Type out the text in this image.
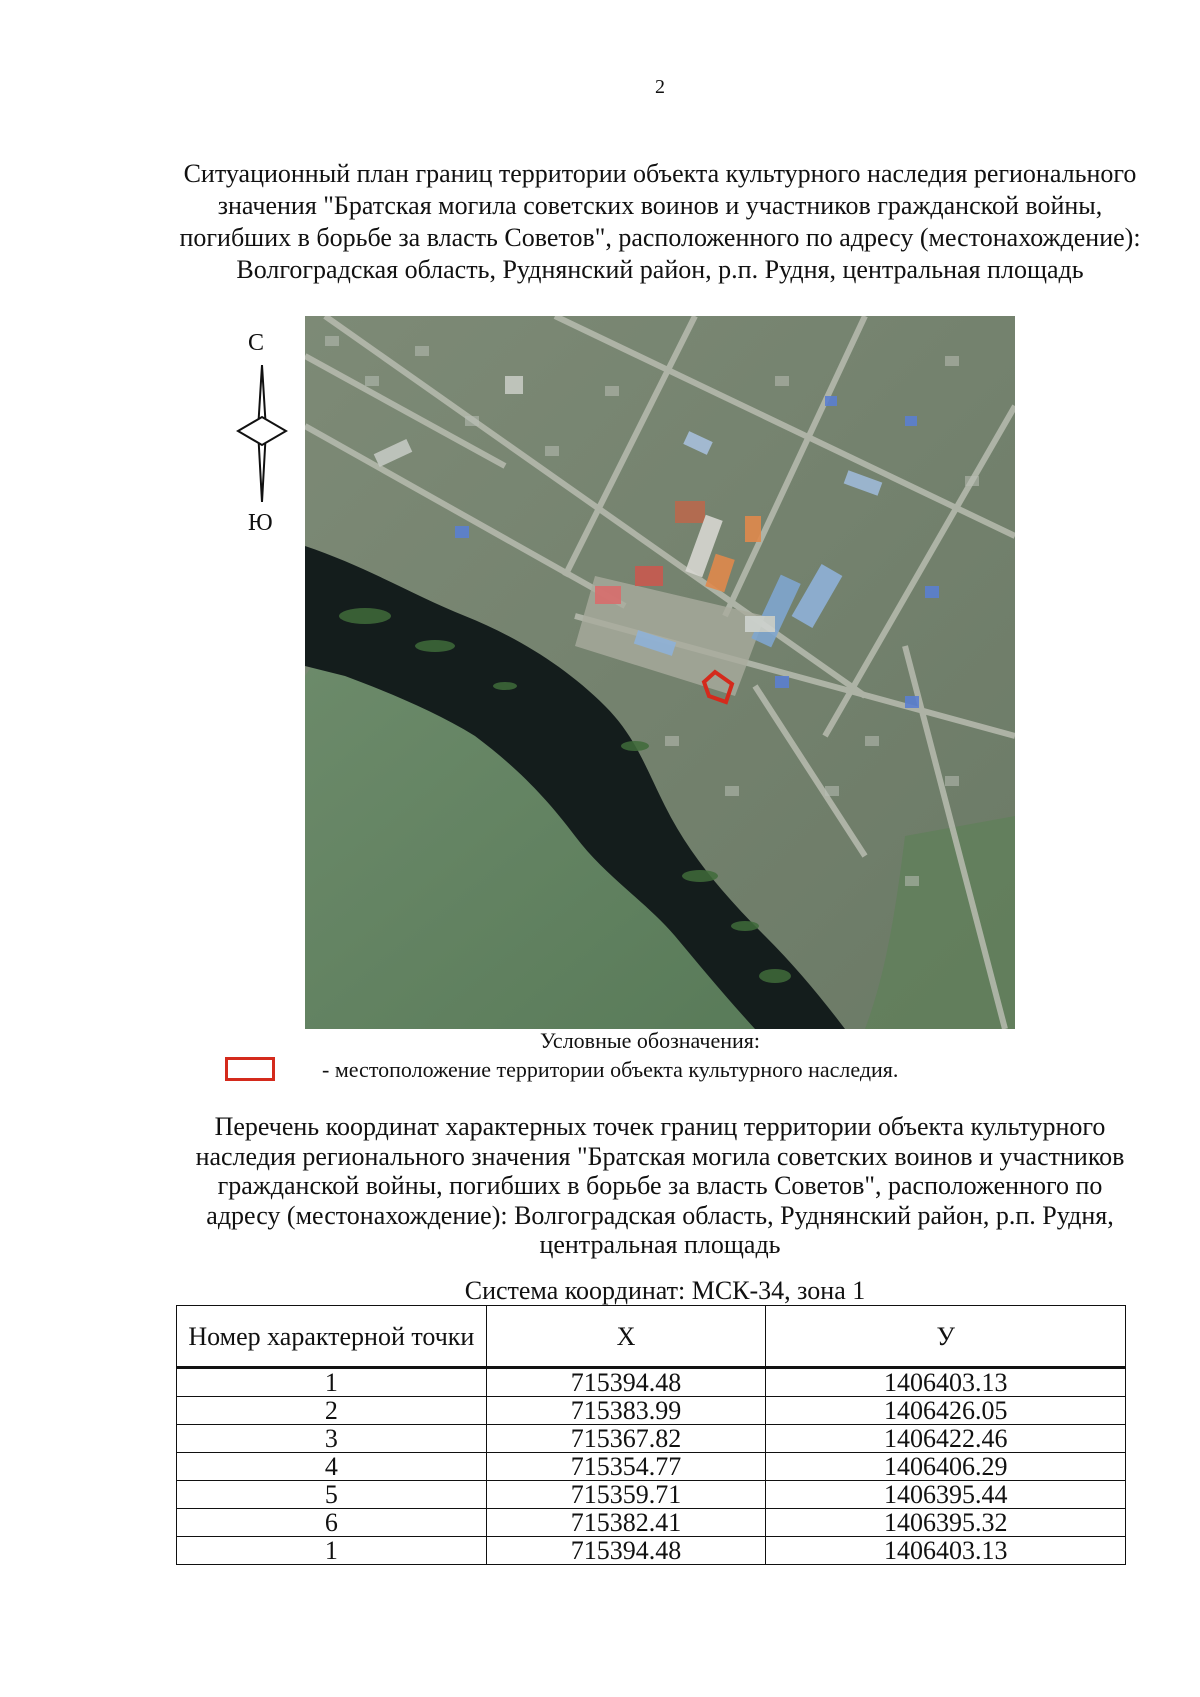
2
Ситуационный план границ территории объекта культурного наследия регионального значения "Братская могила советских воинов и участников гражданской войны, погибших в борьбе за власть Советов", расположенного по адресу (местонахождение): Волгоградская область, Руднянский район, р.п. Рудня, центральная площадь
С
Ю
Условные обозначения:
- местоположение территории объекта культурного наследия.
Перечень координат характерных точек границ территории объекта культурного наследия регионального значения "Братская могила советских воинов и участников гражданской войны, погибших в борьбе за власть Советов", расположенного по адресу (местонахождение): Волгоградская область, Руднянский район, р.п. Рудня, центральная площадь
Система координат: МСК-34, зона 1
Номер характерной точки	X	У
1	715394.48	1406403.13
2	715383.99	1406426.05
3	715367.82	1406422.46
4	715354.77	1406406.29
5	715359.71	1406395.44
6	715382.41	1406395.32
1	715394.48	1406403.13
